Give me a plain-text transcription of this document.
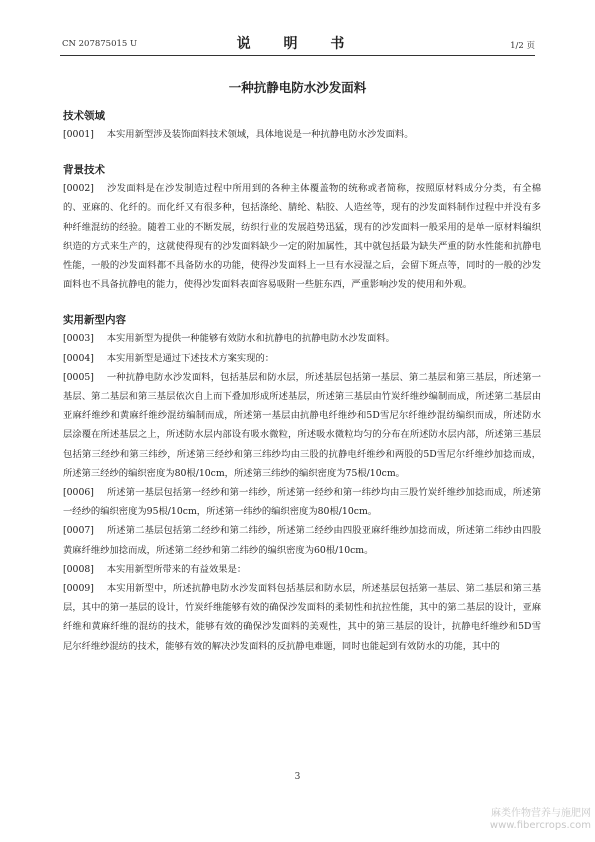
CN 207875015 U	说 明 书	1/2 页
一种抗静电防水沙发面料
技术领域

[0001] 本实用新型涉及装饰面料技术领域，具体地说是一种抗静电防水沙发面料。

背景技术

[0002] 沙发面料是在沙发制造过程中所用到的各种主体覆盖物的统称或者简称，按照原材料成分分类，有全棉的、亚麻的、化纤的。而化纤又有很多种，包括涤纶、腈纶、粘胶、人造丝等，现有的沙发面料制作过程中并没有多种纤维混纺的经验。随着工业的不断发展，纺织行业的发展趋势迅猛，现有的沙发面料一般采用的是单一原材料编织织造的方式来生产的，这就使得现有的沙发面料缺少一定的附加属性，其中就包括最为缺失严重的防水性能和抗静电性能，一般的沙发面料都不具备防水的功能，使得沙发面料上一旦有水浸湿之后，会留下斑点等，同时的一般的沙发面料也不具备抗静电的能力，使得沙发面料表面容易吸附一些脏东西，严重影响沙发的使用和外观。

实用新型内容

[0003] 本实用新型为提供一种能够有效防水和抗静电的抗静电防水沙发面料。

[0004] 本实用新型是通过下述技术方案实现的：

[0005] 一种抗静电防水沙发面料，包括基层和防水层，所述基层包括第一基层、第二基层和第三基层，所述第一基层、第二基层和第三基层依次自上而下叠加形成所述基层，所述第三基层由竹炭纤维纱编制而成，所述第二基层由亚麻纤维纱和黄麻纤维纱混纺编制而成，所述第一基层由抗静电纤维纱和5D雪尼尔纤维纱混纺编织而成，所述防水层涂覆在所述基层之上，所述防水层内部设有吸水微粒，所述吸水微粒均匀的分布在所述防水层内部，所述第三基层包括第三经纱和第三纬纱，所述第三经纱和第三纬纱均由三股的抗静电纤维纱和两股的5D雪尼尔纤维纱加捻而成，所述第三经纱的编织密度为80根/10cm，所述第三纬纱的编织密度为75根/10cm。

[0006] 所述第一基层包括第一经纱和第一纬纱，所述第一经纱和第一纬纱均由三股竹炭纤维纱加捻而成，所述第一经纱的编织密度为95根/10cm，所述第一纬纱的编织密度为80根/10cm。

[0007] 所述第二基层包括第二经纱和第二纬纱，所述第二经纱由四股亚麻纤维纱加捻而成，所述第二纬纱由四股黄麻纤维纱加捻而成，所述第二经纱和第二纬纱的编织密度为60根/10cm。

[0008] 本实用新型所带来的有益效果是：

[0009] 本实用新型中，所述抗静电防水沙发面料包括基层和防水层，所述基层包括第一基层、第二基层和第三基层，其中的第一基层的设计，竹炭纤维能够有效的确保沙发面料的柔韧性和抗拉性能，其中的第二基层的设计，亚麻纤维和黄麻纤维的混纺的技术，能够有效的确保沙发面料的美观性，其中的第三基层的设计，抗静电纤维纱和5D雪尼尔纤维纱混纺的技术，能够有效的解决沙发面料的反抗静电难题，同时也能起到有效防水的功能，其中的

3
麻类作物营养与施肥网
www.fibercrops.com
